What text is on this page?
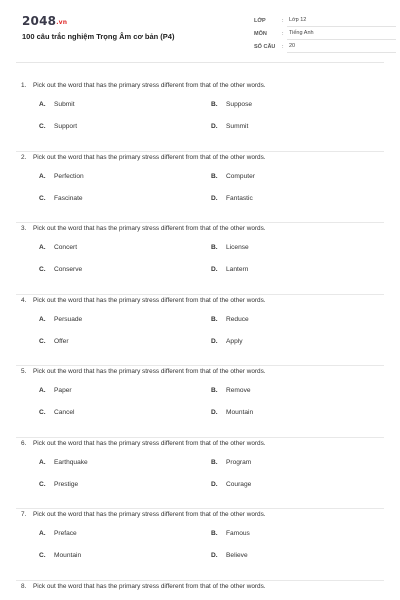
2048.vn
100 câu trắc nghiệm Trọng Âm cơ bản (P4)
LỚP	: Lớp 12
MÔN	: Tiếng Anh
SỐ CÂU	: 20
1.	Pick out the word that has the primary stress different from that of the other words.
A.	Submit	B.	Suppose
C.	Support	D.	Summit
2.	Pick out the word that has the primary stress different from that of the other words.
A.	Perfection	B.	Computer
C.	Fascinate	D.	Fantastic
3.	Pick out the word that has the primary stress different from that of the other words.
A.	Concert	B.	License
C.	Conserve	D.	Lantern
4.	Pick out the word that has the primary stress different from that of the other words.
A.	Persuade	B.	Reduce
C.	Offer	D.	Apply
5.	Pick out the word that has the primary stress different from that of the other words.
A.	Paper	B.	Remove
C.	Cancel	D.	Mountain
6.	Pick out the word that has the primary stress different from that of the other words.
A.	Earthquake	B.	Program
C.	Prestige	D.	Courage
7.	Pick out the word that has the primary stress different from that of the other words.
A.	Preface	B.	Famous
C.	Mountain	D.	Believe
8.	Pick out the word that has the primary stress different from that of the other words.
